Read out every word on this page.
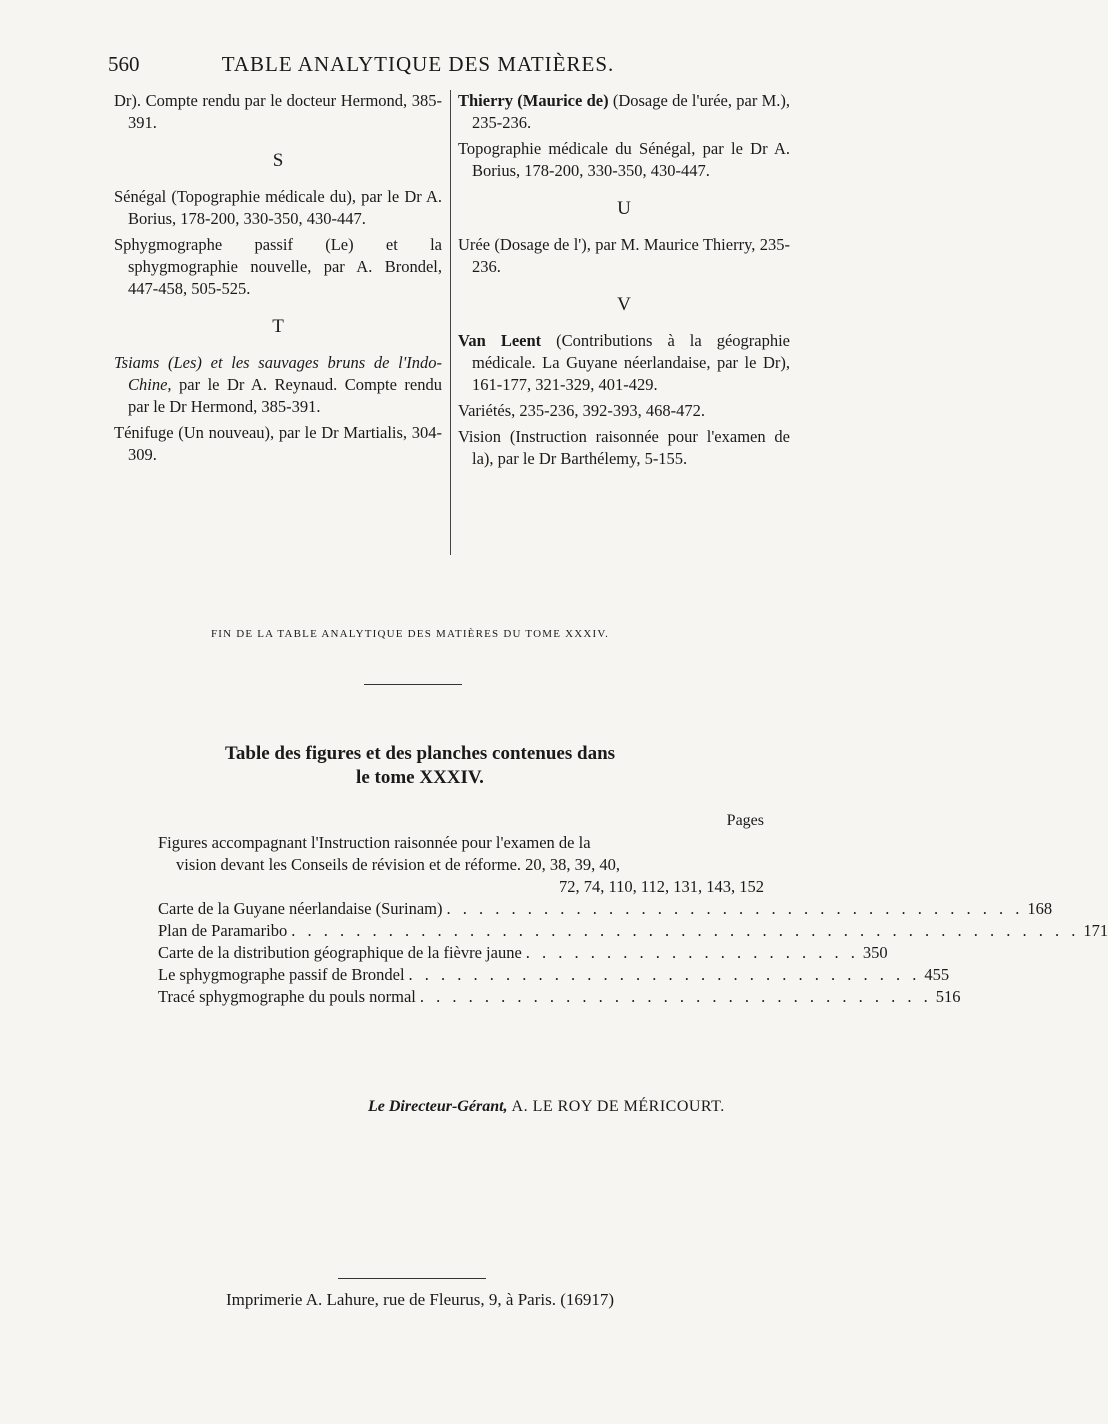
560	TABLE ANALYTIQUE DES MATIÈRES.

Dr). Compte rendu par le docteur Hermond, 385-391.

S

Sénégal (Topographie médicale du), par le Dr A. Borius, 178-200, 330-350, 430-447.

Sphygmographe passif (Le) et la sphygmographie nouvelle, par A. Brondel, 447-458, 505-525.

T

Tsiams (Les) et les sauvages bruns de l'Indo-Chine, par le Dr A. Reynaud. Compte rendu par le Dr Hermond, 385-391.

Ténifuge (Un nouveau), par le Dr Martialis, 304-309.

Thierry (Maurice de) (Dosage de l'urée, par M.), 235-236.

Topographie médicale du Sénégal, par le Dr A. Borius, 178-200, 330-350, 430-447.

U

Urée (Dosage de l'), par M. Maurice Thierry, 235-236.

V

Van Leent (Contributions à la géographie médicale. La Guyane néerlandaise, par le Dr), 161-177, 321-329, 401-429.

Variétés, 235-236, 392-393, 468-472.

Vision (Instruction raisonnée pour l'examen de la), par le Dr Barthélemy, 5-155.

FIN DE LA TABLE ANALYTIQUE DES MATIÈRES DU TOME XXXIV.
Table des figures et des planches contenues dans
le tome XXXIV.
Pages

Figures accompagnant l'Instruction raisonnée pour l'examen de la
vision devant les Conseils de révision et de réforme. 20, 38, 39, 40,
72, 74, 110, 112, 131, 143, 152

Carte de la Guyane néerlandaise (Surinam) . . . . . . . . . . . . . . . . . . . . . . . . . . . . . . . . . . . . 168
Plan de Paramaribo . . . . . . . . . . . . . . . . . . . . . . . . . . . . . . . . . . . . . . . . . . . . . . . . . 171
Carte de la distribution géographique de la fièvre jaune . . . . . . . . . . . . . . . . . . . . . 350
Le sphygmographe passif de Brondel . . . . . . . . . . . . . . . . . . . . . . . . . . . . . . . . 455
Tracé sphygmographe du pouls normal . . . . . . . . . . . . . . . . . . . . . . . . . . . . . . . . 516
Le Directeur-Gérant, A. LE ROY DE MÉRICOURT.
Imprimerie A. Lahure, rue de Fleurus, 9, à Paris. (16917)
